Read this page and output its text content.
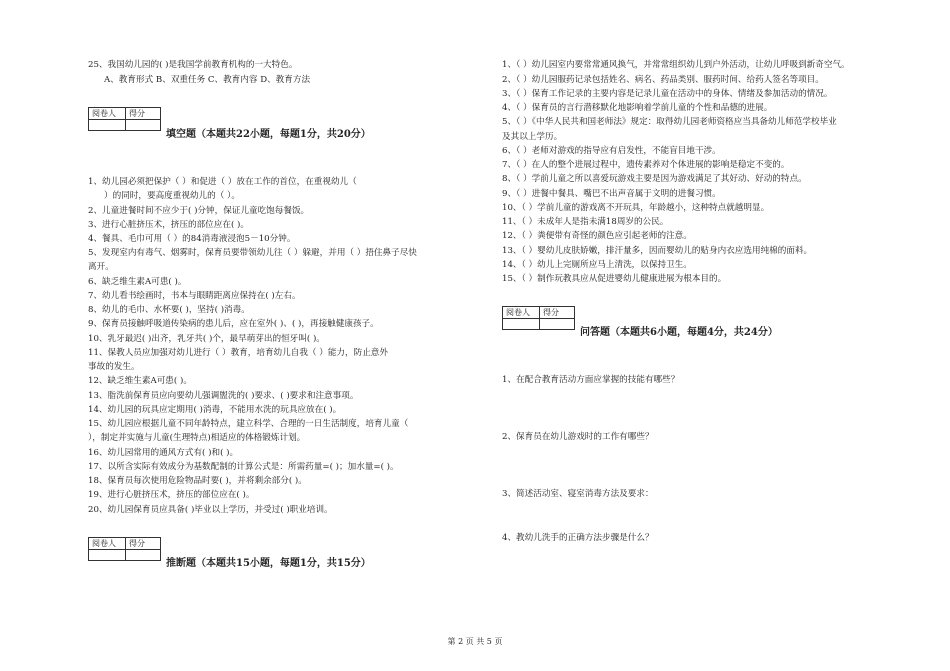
25、我国幼儿园的( )是我国学前教育机构的一大特色。
A、教育形式 B、双重任务 C、教育内容 D、教育方法
阅卷人	得分

填空题（本题共22小题，每题1分，共20分）
1、幼儿园必须把保护（ ）和促进（ ）放在工作的首位，在重视幼儿（
）的同时，要高度重视幼儿的（ ）。
2、儿童进餐时间不应少于( )分钟，保证儿童吃饱每餐饭。
3、进行心脏挤压术，挤压的部位应在( )。
4、餐具、毛巾可用（ ）的84消毒液浸泡5－10分钟。
5、发现室内有毒气、烟雾时，保育员要带领幼儿往（ ）躲避，并用（ ）捂住鼻子尽快
离开。
6、缺乏维生素A可患( )。
7、幼儿看书绘画时，书本与眼睛距离应保持在( )左右。
8、幼儿的毛巾、水杯要( )，坚持( )消毒。
9、保育员接触呼吸道传染病的患儿后，应在室外( )、( )，再接触健康孩子。
10、乳牙最迟( )出齐，乳牙共( )个，最早萌芽出的恒牙叫( )。
11、保教人员应加强对幼儿进行（ ）教育，培育幼儿自我（ ）能力，防止意外
事故的发生。
12、缺乏维生素A可患( )。
13、脂洗前保育员应向要幼儿强调盥洗的( )要求、( )要求和注意事项。
14、幼儿园的玩具应定期用( )消毒，不能用水洗的玩具应放在( )。
15、幼儿园应根据儿童不同年龄特点，建立科学、合理的一日生活制度，培育儿童（
），制定并实施与儿童(生理特点)相适应的体格锻炼计划。
16、幼儿园常用的通风方式有( )和( )。
17、以所含实际有效成分为基数配制的计算公式是：所需药量=( )；加水量=( )。
18、保育员每次使用危险物品时要( )，并将剩余部分( )。
19、进行心脏挤压术，挤压的部位应在( )。
20、幼儿园保育员应具备( )毕业以上学历，并受过( )职业培训。
阅卷人	得分

推断题（本题共15小题，每题1分，共15分）
1、（ ）幼儿园室内要常常通风换气，并常常组织幼儿到户外活动，让幼儿呼吸到新奇空气。
2、（ ）幼儿园服药记录包括姓名、病名、药品类别、服药时间、给药人签名等项目。
3、（ ）保育工作记录的主要内容是记录儿童在活动中的身体、情绪及参加活动的情况。
4、（ ）保育员的言行潜移默化地影响着学前儿童的个性和品德的进展。
5、（ ）《中华人民共和国老师法》规定：取得幼儿园老师资格应当具备幼儿师范学校毕业
及其以上学历。
6、（ ）老师对游戏的指导应有启发性，不能盲目地干涉。
7、（ ）在人的整个进展过程中，遗传素养对个体进展的影响是稳定不变的。
8、（ ）学前儿童之所以喜爱玩游戏主要是因为游戏满足了其好动、好动的特点。
9、（ ）进餐中餐具、嘴巴不出声音属于文明的进餐习惯。
10、（ ）学前儿童的游戏离不开玩具，年龄越小，这种特点就越明显。
11、（ ）未成年人是指未满18周岁的公民。
12、（ ）粪便带有奇怪的颜色应引起老师的注意。
13、（ ）婴幼儿皮肤娇嫩，排汗量多，因而婴幼儿的贴身内衣应选用纯棉的面料。
14、（ ）幼儿上完厕所应马上清洗，以保持卫生。
15、（ ）制作玩教具应从促进婴幼儿健康进展为根本目的。
阅卷人	得分

问答题（本题共6小题，每题4分，共24分）
1、在配合教育活动方面应掌握的技能有哪些？
2、保育员在幼儿游戏时的工作有哪些？
3、简述活动室、寝室消毒方法及要求：
4、教幼儿洗手的正确方法步骤是什么？
第 2 页 共 5 页
